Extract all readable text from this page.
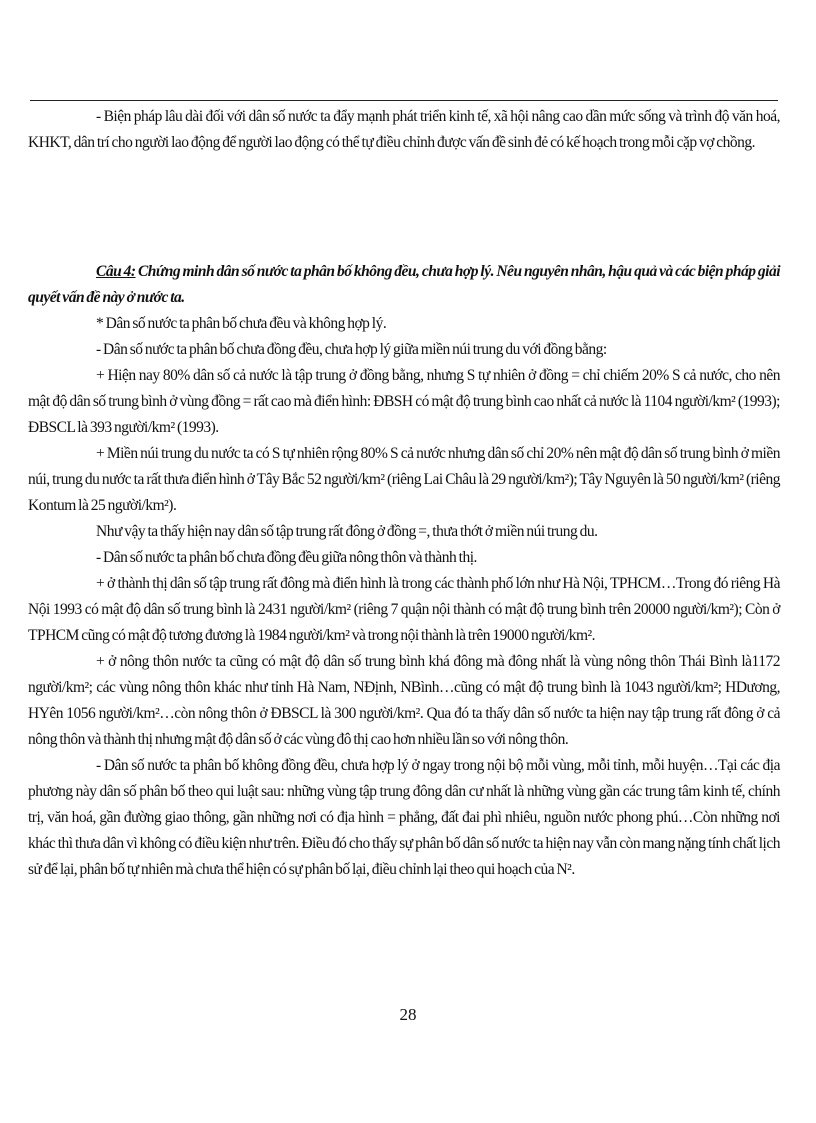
- Biện pháp lâu dài đối với dân số nước ta đẩy mạnh phát triển kinh tế, xã hội nâng cao dần mức sống và trình độ văn hoá, KHKT, dân trí cho người lao động để người lao động có thể tự điều chỉnh được vấn đề sinh đẻ có kế hoạch trong mỗi cặp vợ chồng.

Câu 4: Chứng minh dân số nước ta phân bố không đều, chưa hợp lý. Nêu nguyên nhân, hậu quả và các biện pháp giải quyết vấn đề này ở nước ta.

* Dân số nước ta phân bố chưa đều và không hợp lý.

- Dân số nước ta phân bố chưa đồng đều, chưa hợp lý giữa miền núi trung du với đồng bằng:

+ Hiện nay 80% dân số cả nước là tập trung ở đồng bằng, nhưng S tự nhiên ở đồng = chỉ chiếm 20% S cả nước, cho nên mật độ dân số trung bình ở vùng đồng = rất cao mà điển hình: ĐBSH có mật độ trung bình cao nhất cả nước là 1104 người/km² (1993); ĐBSCL là 393 người/km² (1993).

+ Miền núi trung du nước ta có S tự nhiên rộng 80% S cả nước nhưng dân số chỉ 20% nên mật độ dân số trung bình ở miền núi, trung du nước ta rất thưa điển hình ở Tây Bắc 52 người/km² (riêng Lai Châu là 29 người/km²); Tây Nguyên là 50 người/km² (riêng Kontum là 25 người/km²).

Như vậy ta thấy hiện nay dân số tập trung rất đông ở đồng =, thưa thớt ở miền núi trung du.

- Dân số nước ta phân bố chưa đồng đều giữa nông thôn và thành thị.

+ ở thành thị dân số tập trung rất đông mà điển hình là trong các thành phố lớn như Hà Nội, TPHCM…Trong đó riêng Hà Nội 1993 có mật độ dân số trung bình là 2431 người/km² (riêng 7 quận nội thành có mật độ trung bình trên 20000 người/km²); Còn ở TPHCM cũng có mật độ tương đương là 1984 người/km² và trong nội thành là trên 19000 người/km².

+ ở nông thôn nước ta cũng có mật độ dân số trung bình khá đông mà đông nhất là vùng nông thôn Thái Bình là1172 người/km²; các vùng nông thôn khác như tỉnh Hà Nam, NĐịnh, NBình…cũng có mật độ trung bình là 1043 người/km²; HDương, HYên 1056 người/km²…còn nông thôn ở ĐBSCL là 300 người/km². Qua đó ta thấy dân số nước ta hiện nay tập trung rất đông ở cả nông thôn và thành thị nhưng mật độ dân số ở các vùng đô thị cao hơn nhiều lần so với nông thôn.

- Dân số nước ta phân bố không đồng đều, chưa hợp lý ở ngay trong nội bộ mỗi vùng, mỗi tỉnh, mỗi huyện…Tại các địa phương này dân số phân bố theo qui luật sau: những vùng tập trung đông dân cư nhất là những vùng gần các trung tâm kinh tế, chính trị, văn hoá, gần đường giao thông, gần những nơi có địa hình = phẳng, đất đai phì nhiêu, nguồn nước phong phú…Còn những nơi khác thì thưa dân vì không có điều kiện như trên. Điều đó cho thấy sự phân bố dân số nước ta hiện nay vẫn còn mang nặng tính chất lịch sử để lại, phân bố tự nhiên mà chưa thể hiện có sự phân bố lại, điều chỉnh lại theo qui hoạch của N².

28
